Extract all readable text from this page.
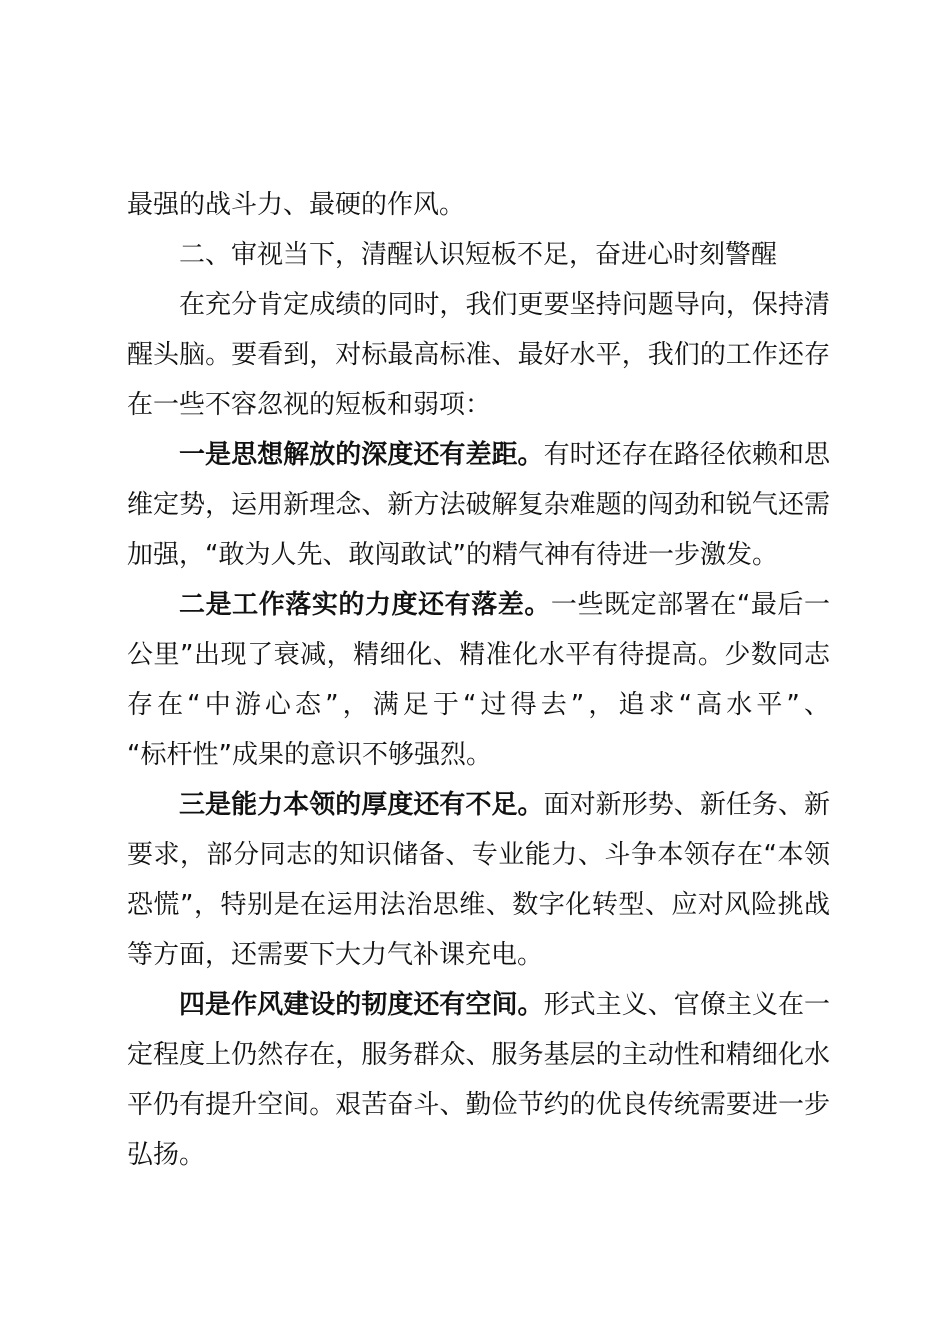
最强的战斗力、最硬的作风。
二、审视当下，清醒认识短板不足，奋进心时刻警醒
在充分肯定成绩的同时，我们更要坚持问题导向，保持清
醒头脑。要看到，对标最高标准、最好水平，我们的工作还存
在一些不容忽视的短板和弱项：
一是思想解放的深度还有差距。有时还存在路径依赖和思
维定势，运用新理念、新方法破解复杂难题的闯劲和锐气还需
加强，“敢为人先、敢闯敢试”的精气神有待进一步激发。
二是工作落实的力度还有落差。一些既定部署在“最后一
公里”出现了衰减，精细化、精准化水平有待提高。少数同志
存在“中游心态”，满足于“过得去”，追求“高水平”、
“标杆性”成果的意识不够强烈。
三是能力本领的厚度还有不足。面对新形势、新任务、新
要求，部分同志的知识储备、专业能力、斗争本领存在“本领
恐慌”，特别是在运用法治思维、数字化转型、应对风险挑战
等方面，还需要下大力气补课充电。
四是作风建设的韧度还有空间。形式主义、官僚主义在一
定程度上仍然存在，服务群众、服务基层的主动性和精细化水
平仍有提升空间。艰苦奋斗、勤俭节约的优良传统需要进一步
弘扬。
